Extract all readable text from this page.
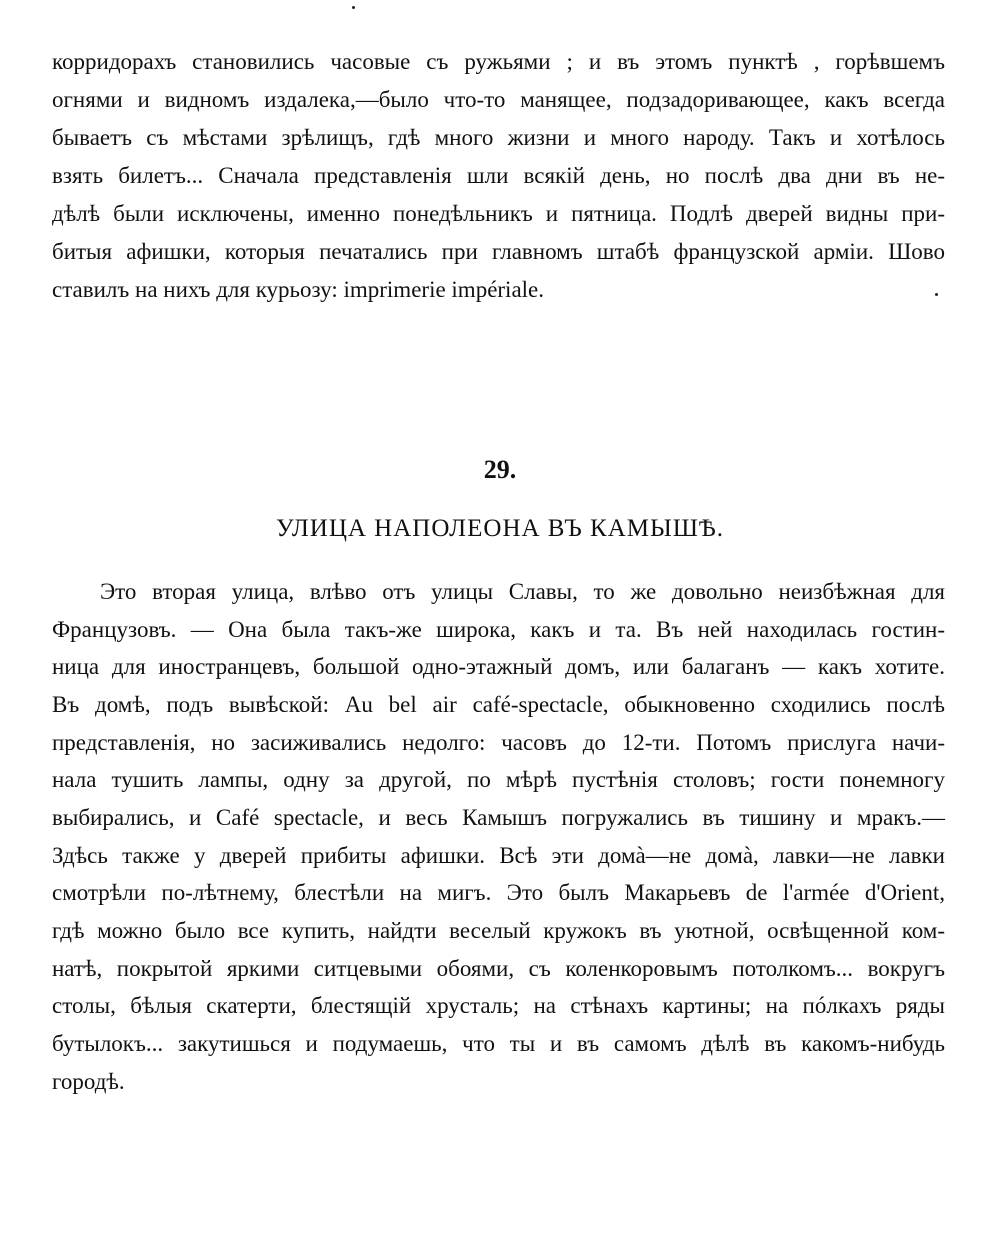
корридорахъ становились часовые съ ружьями ; и въ этомъ пунктѣ , горѣвшемъ
огнями и видномъ издалека,—было что-то манящее, подзадоривающее, какъ всегда
бываетъ съ мѣстами зрѣлищъ, гдѣ много жизни и много народу. Такъ и хотѣлось
взять билетъ... Сначала представленія шли всякій день, но послѣ два дни въ не-
дѣлѣ были исключены, именно понедѣльникъ и пятница. Подлѣ дверей видны при-
битыя афишки, которыя печатались при главномъ штабѣ французской арміи. Шово
ставилъ на нихъ для курьозу: imprimerie impériale.
29.
УЛИЦА НАПОЛЕОНА ВЪ КАМЫШѢ.
Это вторая улица, влѣво отъ улицы Славы, то же довольно неизбѣжная для
Французовъ. — Она была такъ-же широка, какъ и та. Въ ней находилась гостин-
ница для иностранцевъ, большой одно-этажный домъ, или балаганъ — какъ хотите.
Въ домѣ, подъ вывѣской: Au bel air café-spectacle, обыкновенно сходились послѣ
представленія, но засиживались недолго: часовъ до 12-ти. Потомъ прислуга начи-
нала тушить лампы, одну за другой, по мѣрѣ пустѣнія столовъ; гости понемногу
выбирались, и Café spectacle, и весь Камышъ погружались въ тишину и мракъ.—
Здѣсь также у дверей прибиты афишки. Всѣ эти домà—не домà, лавки—не лавки
смотрѣли по-лѣтнему, блестѣли на мигъ. Это былъ Макарьевъ de l'armée d'Orient,
гдѣ можно было все купить, найдти веселый кружокъ въ уютной, освѣщенной ком-
натѣ, покрытой яркими ситцевыми обоями, съ коленкоровымъ потолкомъ... вокругъ
столы, бѣлыя скатерти, блестящій хрусталь; на стѣнахъ картины; на пóлкахъ ряды
бутылокъ... закутишься и подумаешь, что ты и въ самомъ дѣлѣ въ какомъ-нибудь
городѣ.
